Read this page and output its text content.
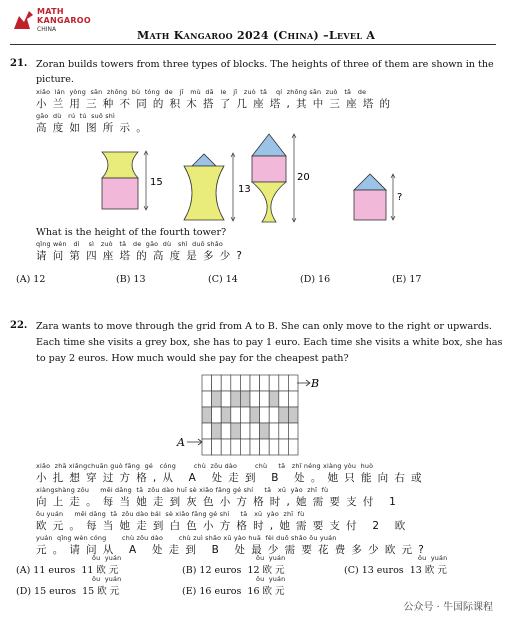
MATH
KANGAROO
CHINA	Math Kangaroo 2024 (China) –Level A
21. Zoran builds towers from three types of blocks. The heights of three of them are shown in the
picture.
xiǎo  lán  yòng  sān  zhǒng  bù  tóng  de   jī   mù  dā   le   jǐ   zuò  tǎ    qí  zhōng sān  zuò   tǎ   de
小兰用三种不同的积木搭了几座塔,其中三座塔的
gāo  dù   rú  tú  suǒ shì
高度如图所示。
15
13
20
?
What is the height of the fourth tower?
qǐng wèn   dì    sì   zuò   tǎ   de  gāo  dù   shì  duō shǎo
请问第四座塔的高度是多少?
(A) 12	(B) 13	(C) 14	(D) 16	(E) 17
22. Zara wants to move through the grid from A to B. She can only move to the right or upwards.
Each time she visits a grey box, she has to pay 1 euro. Each time she visits a white box, she has
to pay 2 euros. How much would she pay for the cheapest path?
B
A
xiǎo  zhā xiǎngchuān guò fāng  gé   cóng        chù  zǒu dào        chù     tā   zhǐ néng xiàng yòu  huò
小扎想穿过方格,从 A 处走到 B 处。她只能向右或
xiàngshàng zǒu     měi dāng  tā  zǒu dào huī sè xiǎo fāng gé shí     tā   xū  yào  zhī  fù
向上走。每当她走到灰色小方格时,她需要支付 1
ōu yuán     měi dāng  tā  zǒu dào bái  sè xiǎo fāng gé shí     tā   xū  yào  zhī  fù
欧元。每当她走到白色小方格时,她需要支付 2 欧
yuán  qǐng wèn cóng       chù zǒu dào       chù zuì shǎo xū yào huā  fèi duō shǎo ōu yuán
元。请问从 A 处走到 B 处最少需要花费多少欧元?
ōu  yuán
(A) 11 euros 11 欧 元
ōu  yuán
(B) 12 euros 12 欧 元
ōu  yuán
(C) 13 euros 13 欧 元
ōu  yuán
(D) 15 euros 15 欧 元
ōu  yuán
(E) 16 euros 16 欧 元
公众号 · 牛国际课程
